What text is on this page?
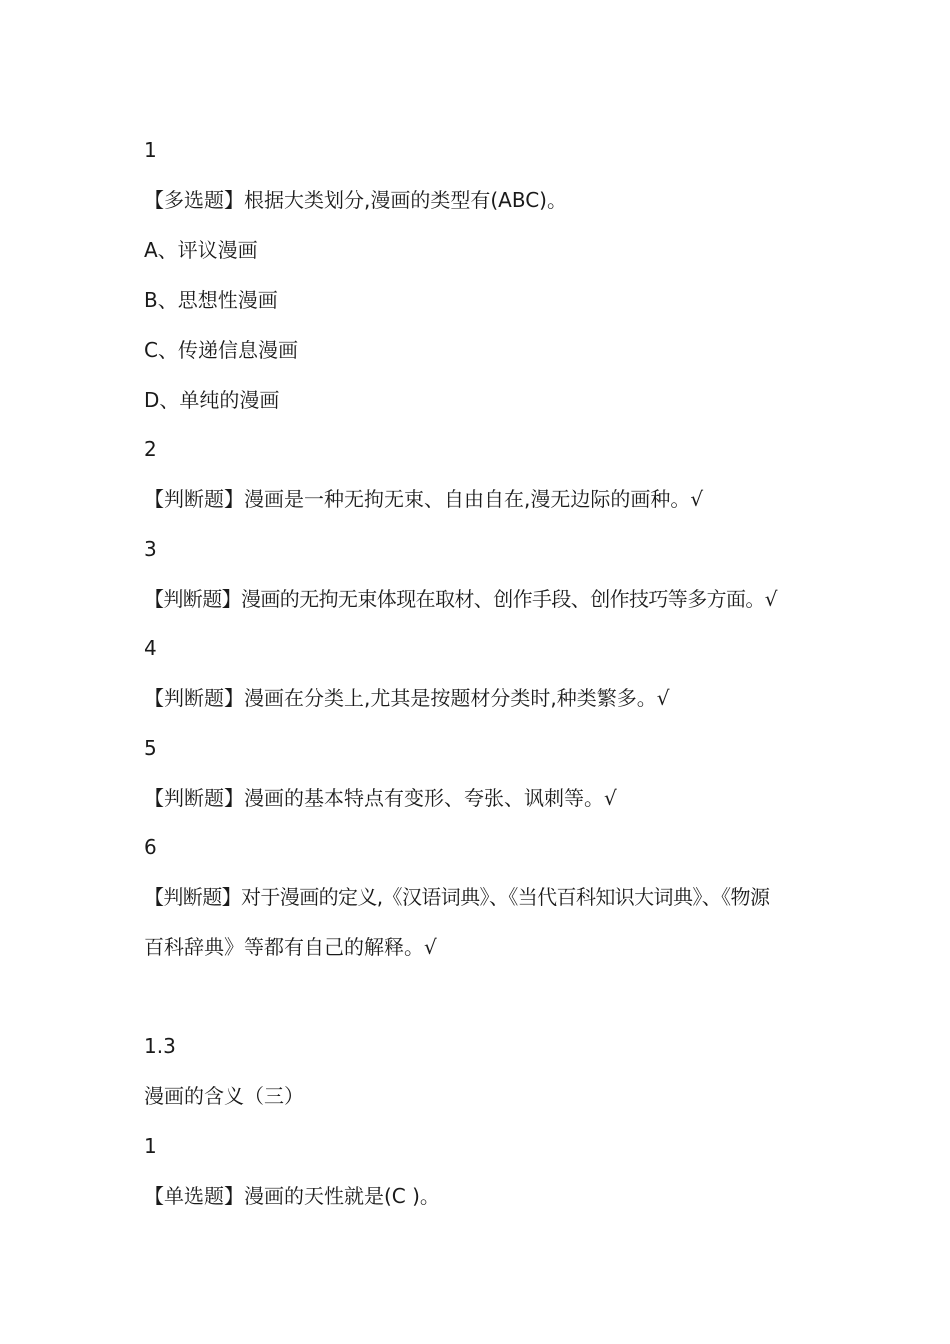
1
【多选题】根据大类划分,漫画的类型有(ABC)。
A、评议漫画
B、思想性漫画
C、传递信息漫画
D、单纯的漫画
2
【判断题】漫画是一种无拘无束、自由自在,漫无边际的画种。√
3
【判断题】漫画的无拘无束体现在取材、创作手段、创作技巧等多方面。√
4
【判断题】漫画在分类上,尤其是按题材分类时,种类繁多。√
5
【判断题】漫画的基本特点有变形、夸张、讽刺等。√
6
【判断题】对于漫画的定义,《汉语词典》、《当代百科知识大词典》、《物源
百科辞典》等都有自己的解释。√
1.3
漫画的含义（三）
1
【单选题】漫画的天性就是(C )。
